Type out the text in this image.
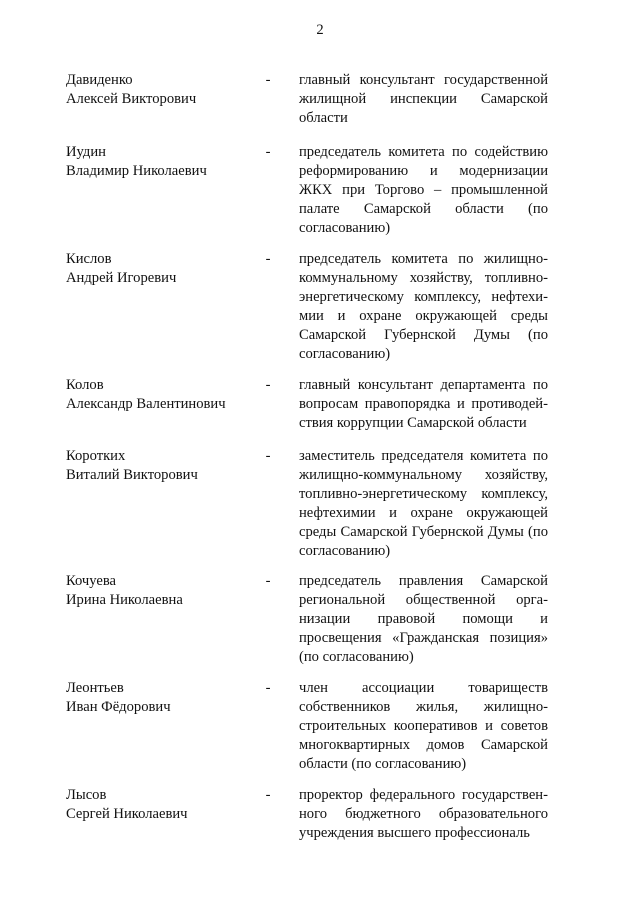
2
Давиденко
Алексей Викторович
- главный консультант государственной жилищной инспекции Самарской области
Иудин
Владимир Николаевич
- председатель комитета по содействию реформированию и модернизации ЖКХ при Торгово – промышленной палате Самарской области (по согласованию)
Кислов
Андрей Игоревич
- председатель комитета по жилищно-коммунальному хозяйству, топливно-энергетическому комплексу, нефтехимии и охране окружающей среды Самарской Губернской Думы (по согласованию)
Колов
Александр Валентинович
- главный консультант департамента по вопросам правопорядка и противодействия коррупции Самарской области
Коротких
Виталий Викторович
- заместитель председателя комитета по жилищно-коммунальному хозяйству, топливно-энергетическому комплексу, нефтехимии и охране окружающей среды Самарской Губернской Думы (по согласованию)
Кочуева
Ирина Николаевна
- председатель правления Самарской региональной общественной организации правовой помощи и просвещения «Гражданская позиция» (по согласованию)
Леонтьев
Иван Фёдорович
- член ассоциации товариществ собственников жилья, жилищно-строительных кооперативов и советов многоквартирных домов Самарской области (по согласованию)
Лысов
Сергей Николаевич
- проректор федерального государственного бюджетного образовательного учреждения высшего профессиональ
